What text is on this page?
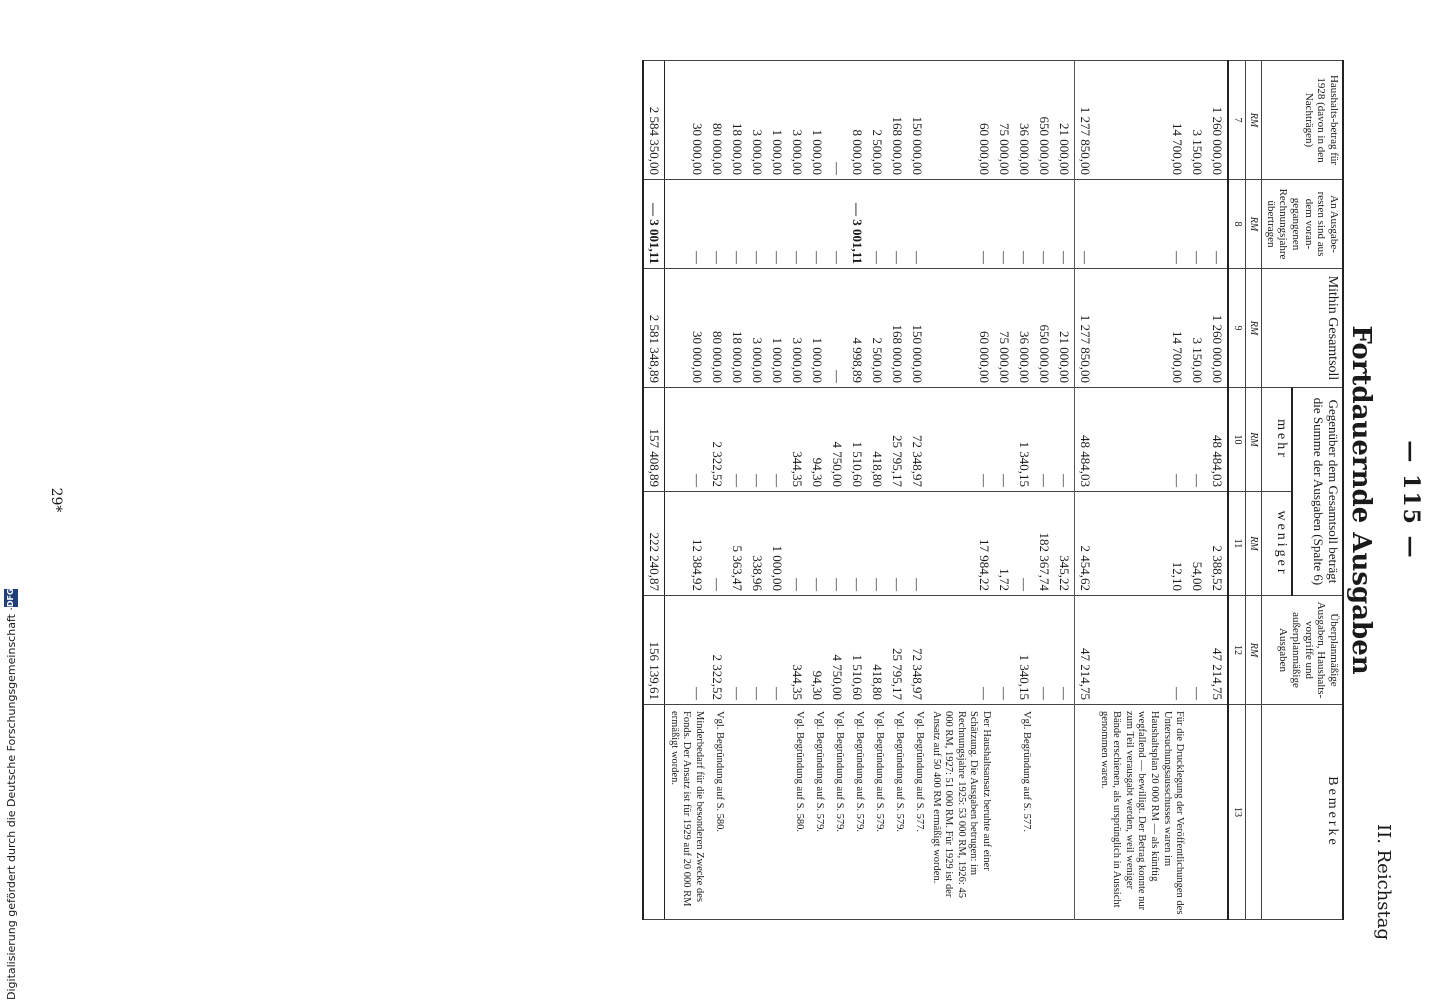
— 115 —
Fortdauernde Ausgaben
II. Reichstag
Haushalts-betrag für 1928 (davon in den Nachträgen)	An Ausgabe-resten sind aus dem voran-gegangenen Rechnungsjahre übertragen	Mithin Gesamtsoll	Gegenüber dem Gesamtsoll beträgt die Summe der Ausgaben (Spalte 6)		Überplanmäßige Ausgaben, Haushalts-vorgriffe und außerplanmäßige Ausgaben	Bemerke
			mehr	weniger		
RM	RM	RM	RM	RM	RM	
7	8	9	10	11	12	13
1 260 000,00	—	1 260 000,00	48 484,03	2 388,52	47 214,75	
3 150,00	—	3 150,00	—	54,00	—	
14 700,00	—	14 700,00	—	12,10	—	Für die Drucklegung der Veröffentlichungen des Untersuchungsausschusses waren im Haushaltsplan 20 000 RM — als künftig wegfallend — bewilligt. Der Betrag konnte nur zum Teil verausgabt werden, weil weniger Bände erschienen, als ursprünglich in Aussicht genommen waren.
1 277 850,00	—	1 277 850,00	48 484,03	2 454,62	47 214,75	
21 000,00	—	21 000,00	—	345,22	—	
650 000,00	—	650 000,00	—	182 367,74	—	
36 000,00	—	36 000,00	1 340,15	—	1 340,15	Vgl. Begründung auf S. 577.
75 000,00	—	75 000,00	—	1,72	—	
60 000,00	—	60 000,00	—	17 984,22	—	Der Haushaltsansatz beruhte auf einer Schätzung. Die Ausgaben betrugen: im Rechnungsjahre 1925: 53 000 RM, 1926: 45 000 RM, 1927: 51 000 RM. Für 1929 ist der Ansatz auf 50 400 RM ermäßigt worden.
150 000,00	—	150 000,00	72 348,97	—	72 348,97	Vgl. Begründung auf S. 577.
168 000,00	—	168 000,00	25 795,17	—	25 795,17	Vgl. Begründung auf S. 579.
2 500,00	—	2 500,00	418,80	—	418,80	Vgl. Begründung auf S. 579.
8 000,00	— 3 001,11	4 998,89	1 510,60	—	1 510,60	Vgl. Begründung auf S. 579.
—	—	—	4 750,00	—	4 750,00	Vgl. Begründung auf S. 579.
1 000,00	—	1 000,00	94,30	—	94,30	Vgl. Begründung auf S. 579.
3 000,00	—	3 000,00	344,35	—	344,35	Vgl. Begründung auf S. 580.
1 000,00	—	1 000,00	—	1 000,00	—	
3 000,00	—	3 000,00	—	338,96	—	
18 000,00	—	18 000,00	—	5 363,47	—	
80 000,00	—	80 000,00	2 322,52	—	2 322,52	Vgl. Begründung auf S. 580.
30 000,00	—	30 000,00	—	12 384,92	—	Minderbedarf für die besonderen Zwecke des Fonds. Der Ansatz ist für 1929 auf 20 000 RM ermäßigt worden.
2 584 350,00	— 3 001,11	2 581 348,89	157 408,89	222 240,87	156 139,61	
29*
Digitalisierung gefördert durch die Deutsche Forschungsgemeinschaft ·
DFG
